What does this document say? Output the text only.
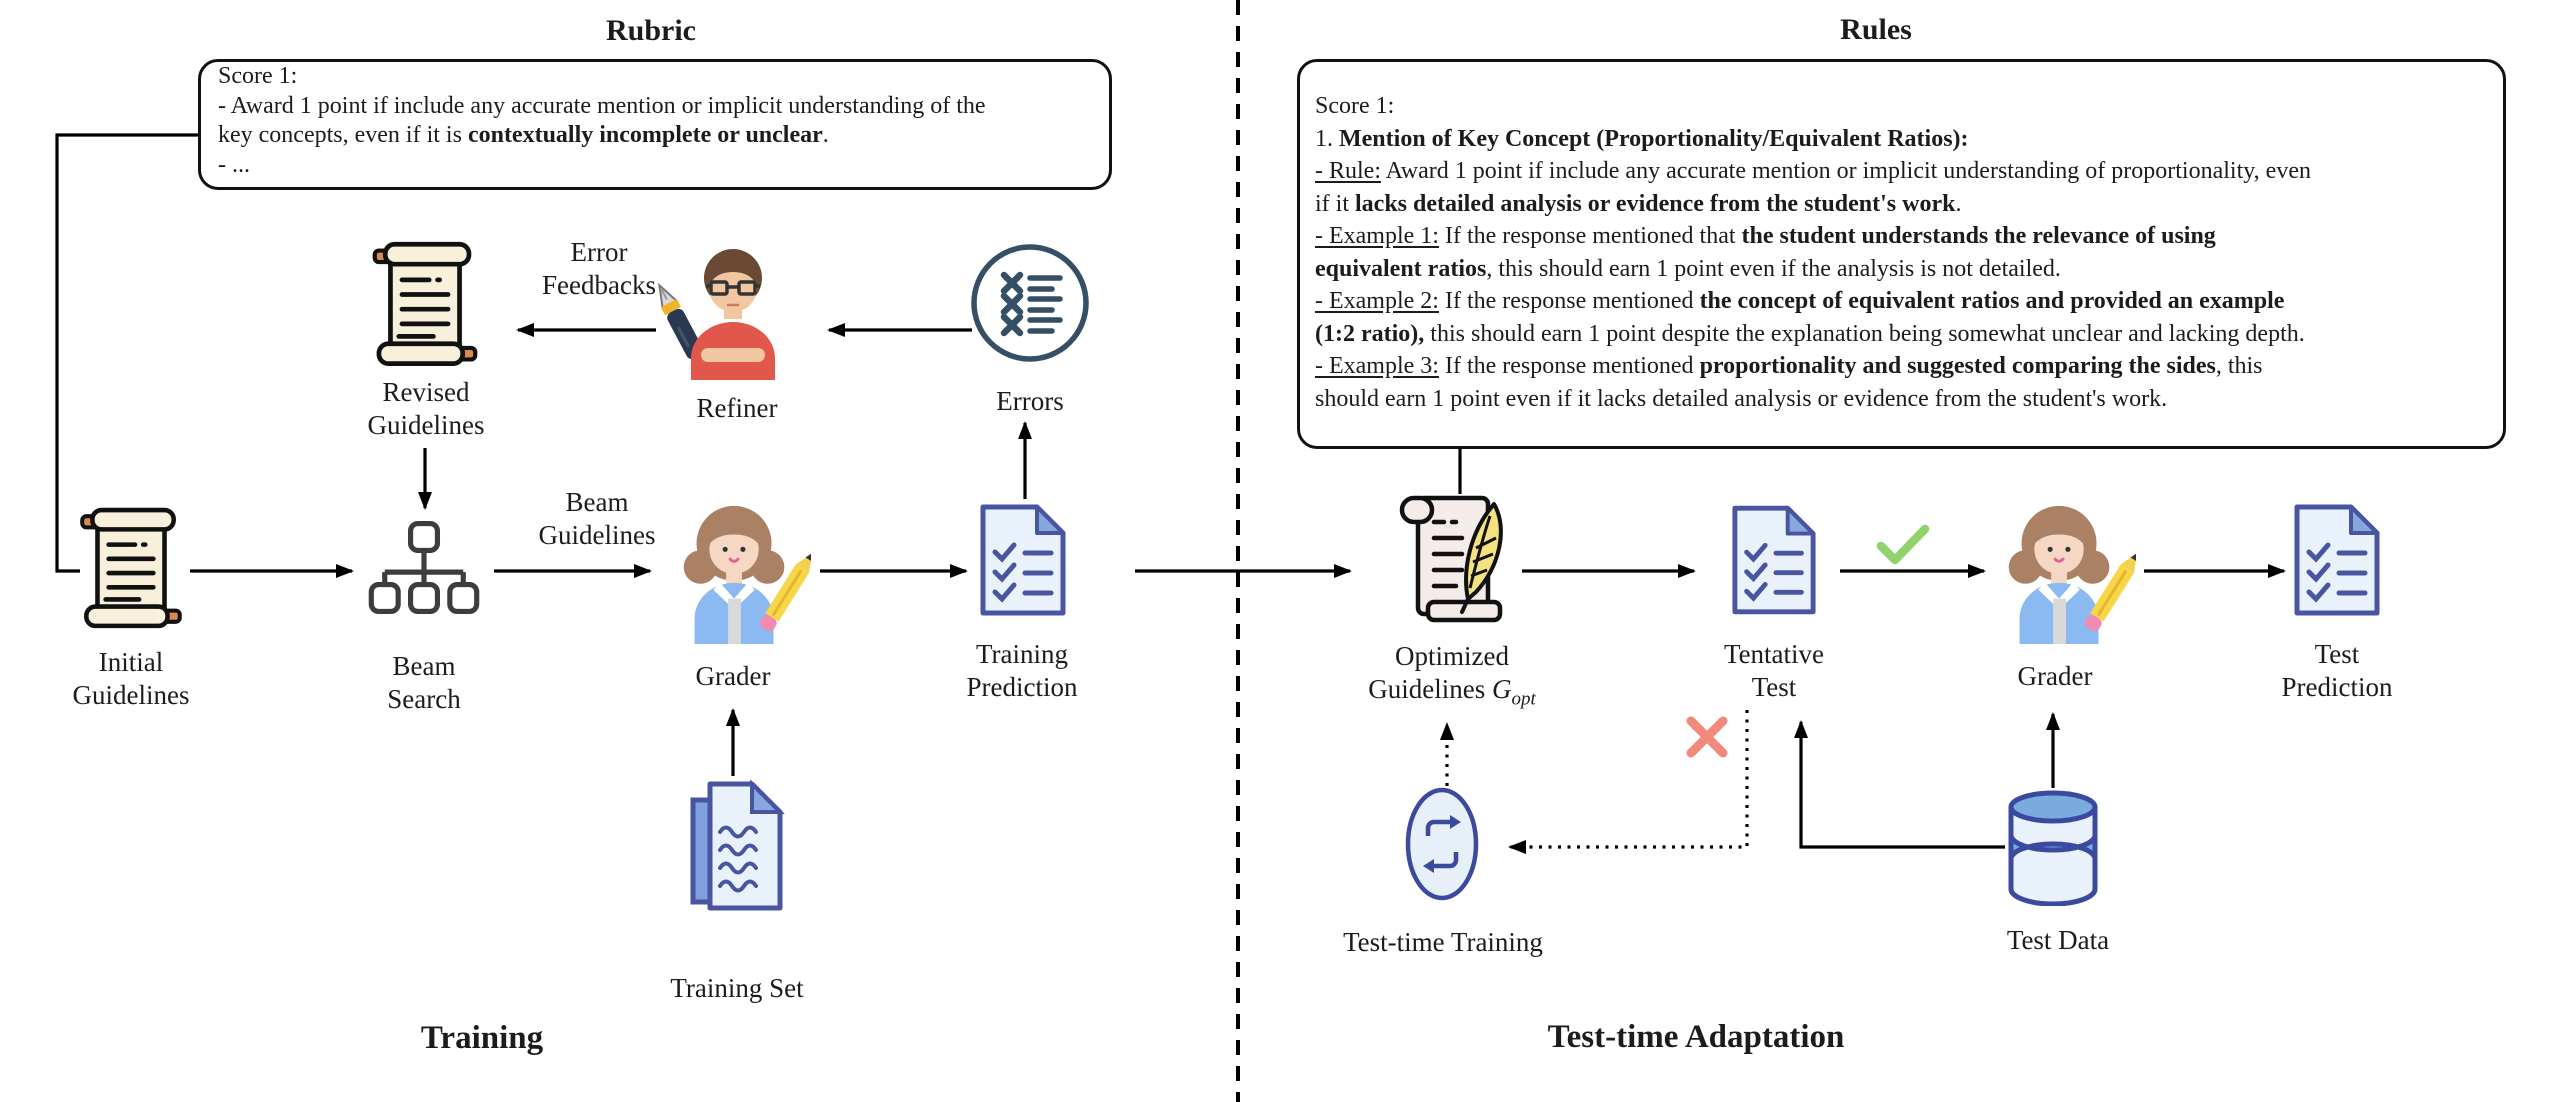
Rubric	Rules
Training	Test-time Adaptation
Score 1:
- Award 1 point if include any accurate mention or implicit understanding of the
key concepts, even if it is contextually incomplete or unclear.
- ...
Score 1:
1. Mention of Key Concept (Proportionality/Equivalent Ratios):
- Rule: Award 1 point if include any accurate mention or implicit understanding of proportionality, even
if it lacks detailed analysis or evidence from the student's work.
- Example 1: If the response mentioned that the student understands the relevance of using
equivalent ratios, this should earn 1 point even if the analysis is not detailed.
- Example 2: If the response mentioned the concept of equivalent ratios and provided an example
(1:2 ratio), this should earn 1 point despite the explanation being somewhat unclear and lacking depth.
- Example 3: If the response mentioned proportionality and suggested comparing the sides, this
should earn 1 point even if it lacks detailed analysis or evidence from the student's work.
Initial
Guidelines
Revised
Guidelines
Beam
Search
Error
Feedbacks
Refiner	Errors
Beam
Guidelines
Grader
Training
Prediction
Training Set
Optimized
Guidelines $G_{opt}$
Tentative
Test	Grader
Test
Prediction
Test-time Training	Test Data
